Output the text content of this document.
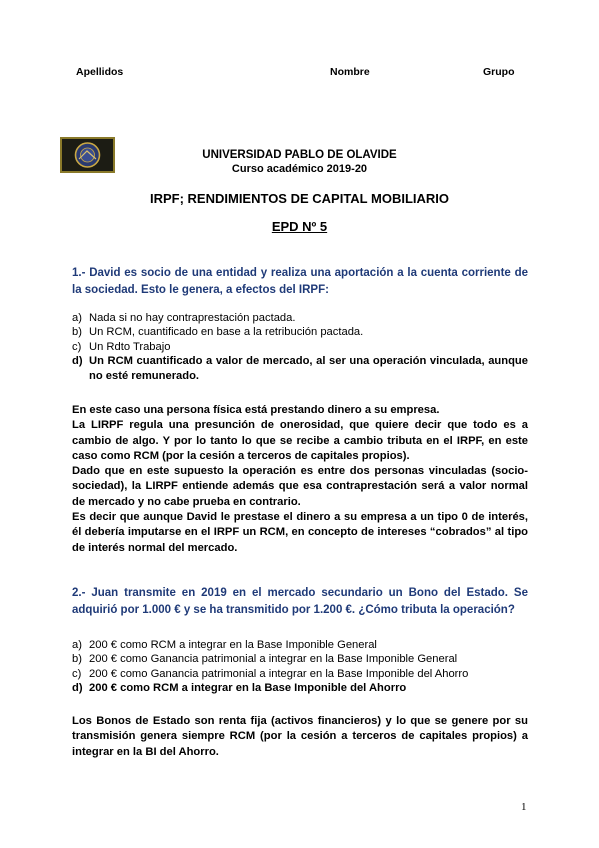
Apellidos	Nombre	Grupo
UNIVERSIDAD PABLO DE OLAVIDE
Curso académico 2019-20
IRPF; RENDIMIENTOS DE CAPITAL MOBILIARIO
EPD Nº 5
1.- David es socio de una entidad y realiza una aportación a la cuenta corriente de la sociedad. Esto le genera, a efectos del IRPF:
a) Nada si no hay contraprestación pactada.
b) Un RCM, cuantificado en base a la retribución pactada.
c) Un Rdto Trabajo
d) Un RCM cuantificado a valor de mercado, al ser una operación vinculada, aunque no esté remunerado.

En este caso una persona física está prestando dinero a su empresa.

La LIRPF regula una presunción de onerosidad, que quiere decir que todo es a cambio de algo. Y por lo tanto lo que se recibe a cambio tributa en el IRPF, en este caso como RCM (por la cesión a terceros de capitales propios).

Dado que en este supuesto la operación es entre dos personas vinculadas (socio-sociedad), la LIRPF entiende además que esa contraprestación será a valor normal de mercado y no cabe prueba en contrario.

Es decir que aunque David le prestase el dinero a su empresa a un tipo 0 de interés, él debería imputarse en el IRPF un RCM, en concepto de intereses “cobrados” al tipo de interés normal del mercado.

2.- Juan transmite en 2019 en el mercado secundario un Bono del Estado. Se adquirió por 1.000 € y se ha transmitido por 1.200 €. ¿Cómo tributa la operación?
a) 200 € como RCM a integrar en la Base Imponible General
b) 200 € como Ganancia patrimonial a integrar en la Base Imponible General
c) 200 € como Ganancia patrimonial a integrar en la Base Imponible del Ahorro
d) 200 € como RCM a integrar en la Base Imponible del Ahorro

Los Bonos de Estado son renta fija (activos financieros) y lo que se genere por su transmisión genera siempre RCM (por la cesión a terceros de capitales propios) a integrar en la BI del Ahorro.

1
